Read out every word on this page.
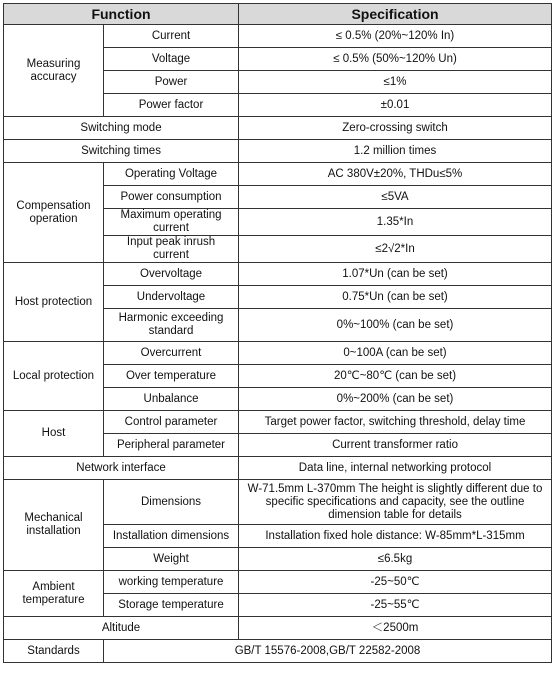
Function		Specification
Measuring accuracy	Current	≤ 0.5% (20%~120% In)
	Voltage	≤ 0.5% (50%~120% Un)
	Power	≤1%
	Power factor	±0.01
Switching mode		Zero-crossing switch
Switching times		1.2 million times
Compensation operation	Operating Voltage	AC 380V±20%, THDu≤5%
	Power consumption	≤5VA
	Maximum operating current	1.35*In
	Input peak inrush current	≤2√2*In
Host protection	Overvoltage	1.07*Un (can be set)
	Undervoltage	0.75*Un (can be set)
	Harmonic exceeding standard	0%~100% (can be set)
Local protection	Overcurrent	0~100A (can be set)
	Over temperature	20℃~80℃ (can be set)
	Unbalance	0%~200% (can be set)
Host	Control parameter	Target power factor, switching threshold, delay time
	Peripheral parameter	Current transformer ratio
Network interface		Data line, internal networking protocol
Mechanical installation	Dimensions	W-71.5mm L-370mm The height is slightly different due to specific specifications and capacity, see the outline dimension table for details
	Installation dimensions	Installation fixed hole distance: W-85mm*L-315mm
	Weight	≤6.5kg
Ambient temperature	working temperature	-25~50℃
	Storage temperature	-25~55℃
Altitude		＜2500m
Standards	GB/T 15576-2008,GB/T 22582-2008	
